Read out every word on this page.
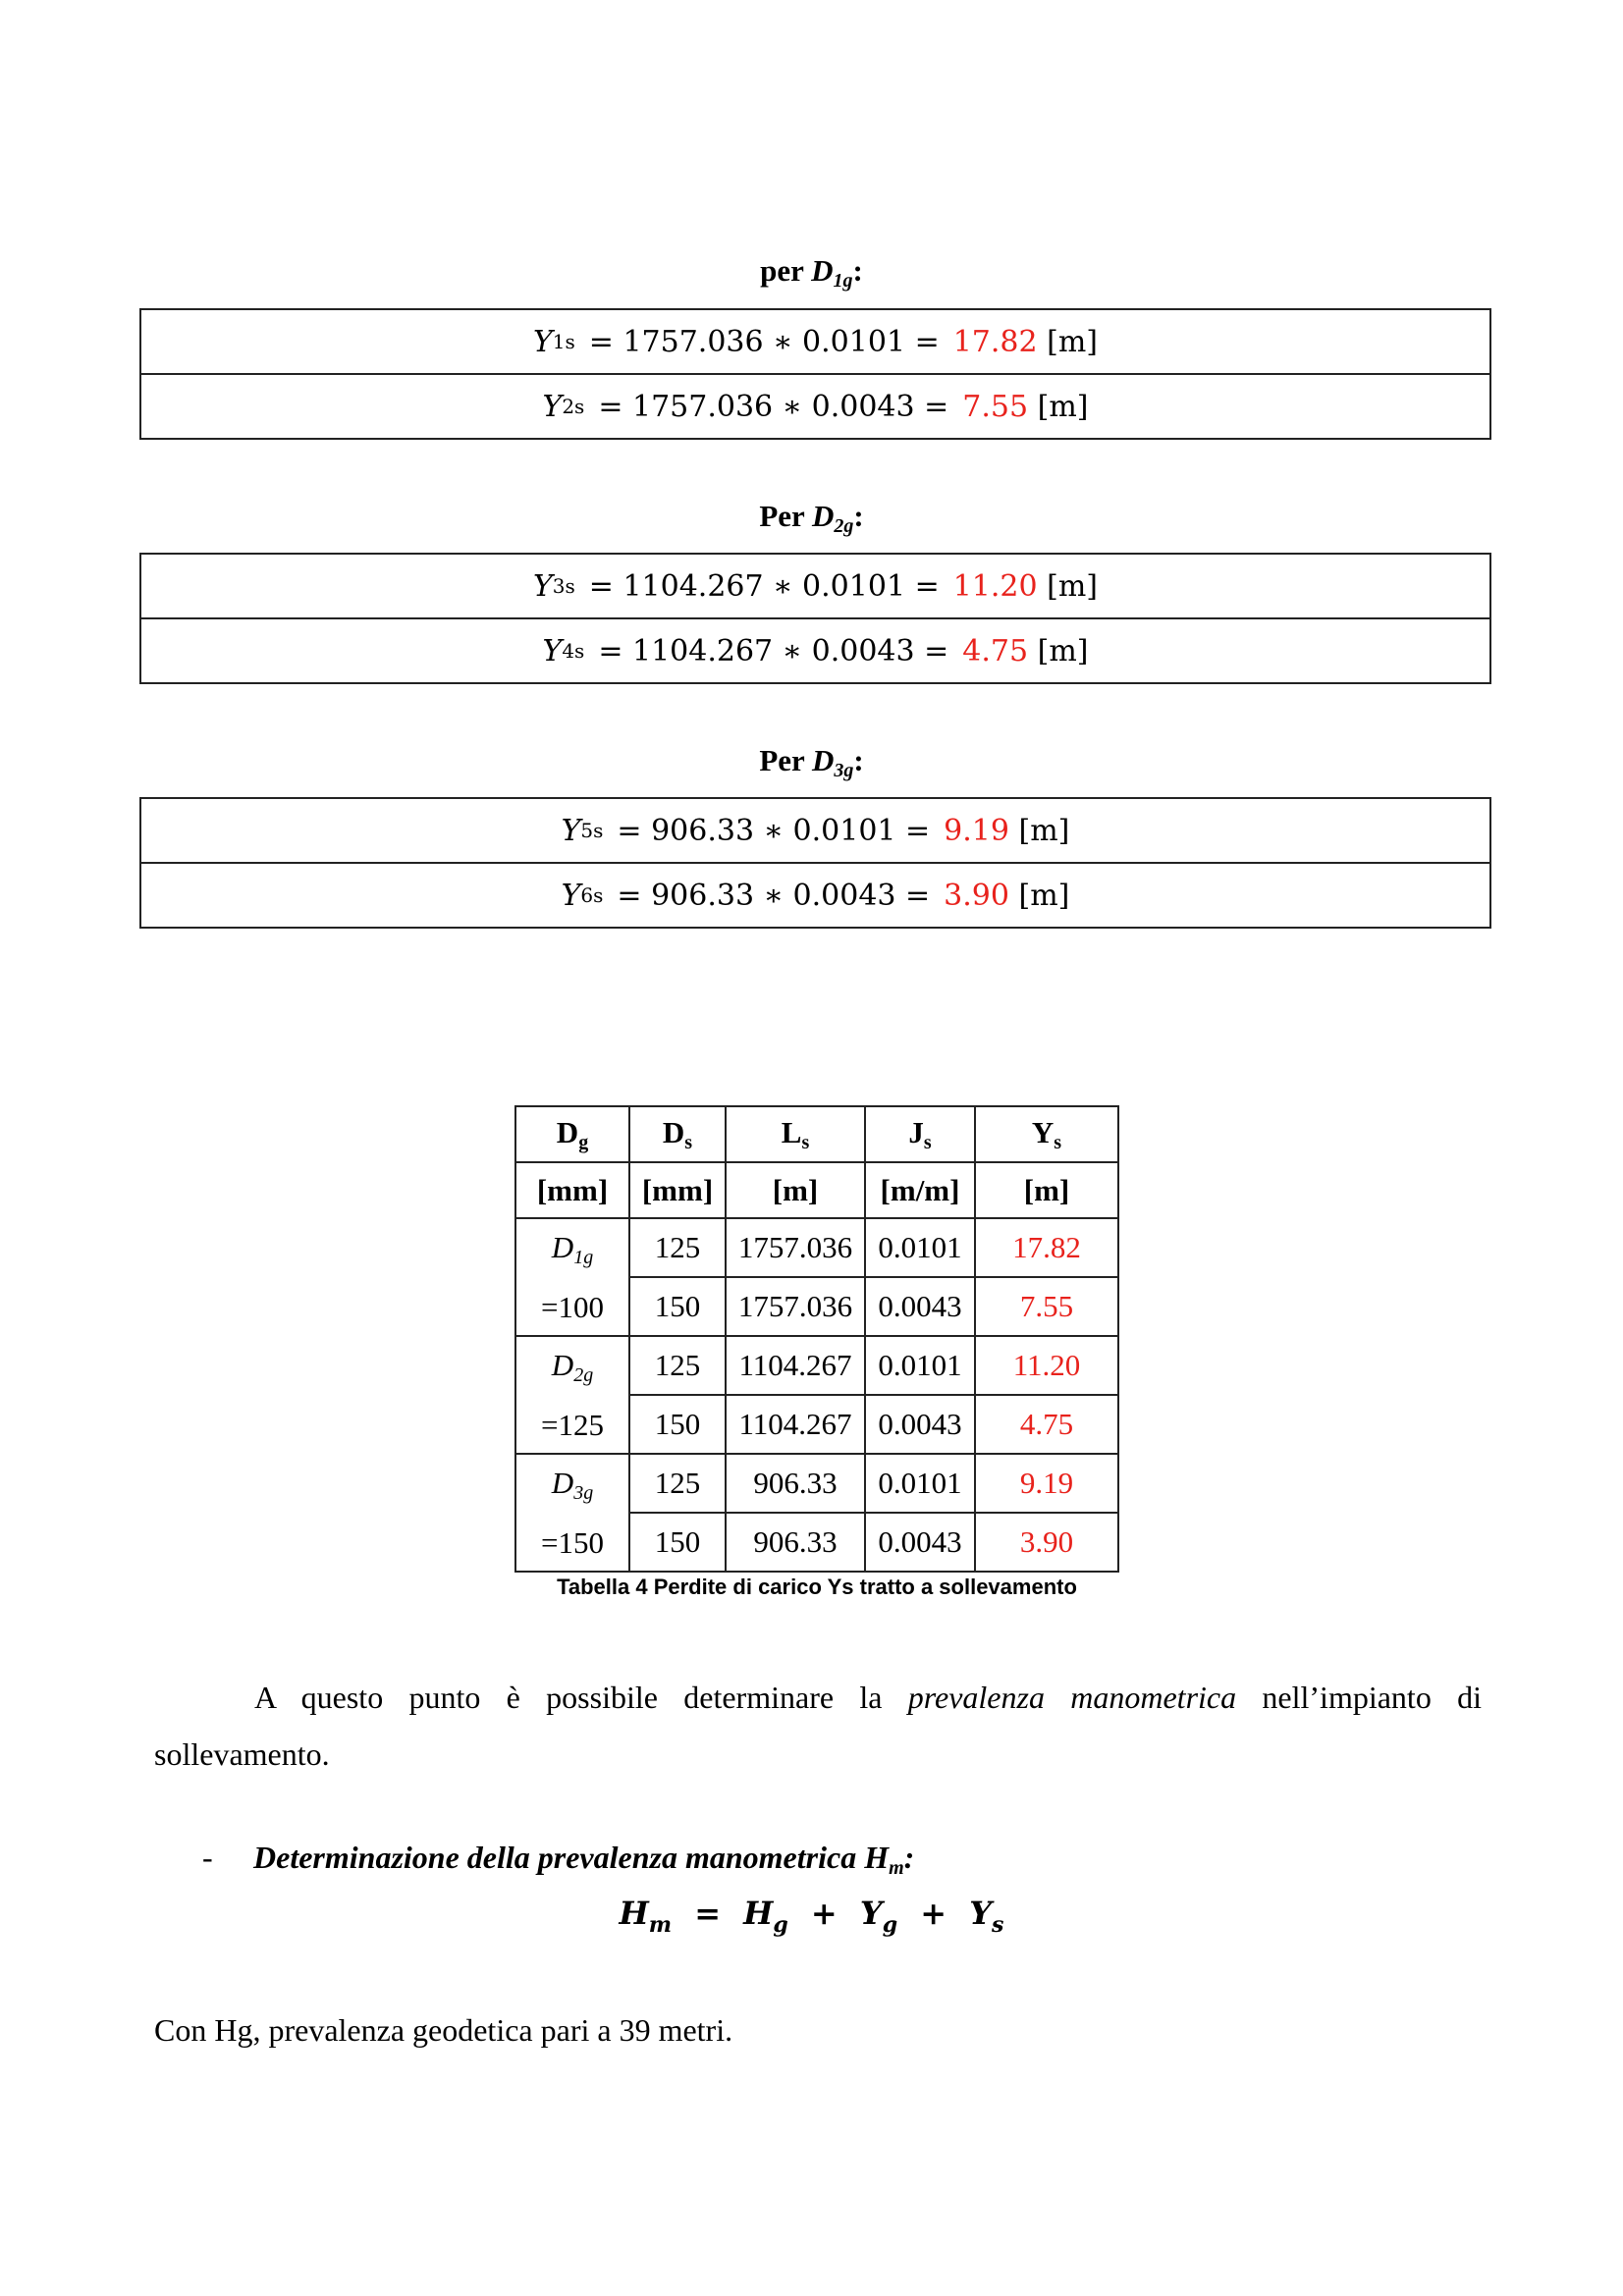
per $D_{1g}$:
Y 1s = 1757.036 ∗ 0.0101 = 17.82
[m]
Y 2s = 1757.036 ∗ 0.0043 = 7.55
[m]
Per $D_{2g}$:
Y 3s = 1104.267 ∗ 0.0101 = 11.20
[m]
Y 4s = 1104.267 ∗ 0.0043 = 4.75
[m]
Per $D_{3g}$:
Y 5s = 906.33 ∗ 0.0101 = 9.19
[m]
Y 6s = 906.33 ∗ 0.0043 = 3.90
[m]
$D_g$	$D_s$	$L_s$	$J_s$	$Y_s$
[mm]	[mm]	[m]	[m/m]	[m]

$D_{1g}$
=100	125	1757.036	0.0101	17.82
	150	1757.036	0.0043	7.55

$D_{2g}$
=125	125	1104.267	0.0101	11.20
	150	1104.267	0.0043	4.75

$D_{3g}$
=150	125	906.33	0.0101	9.19
	150	906.33	0.0043	3.90
Tabella 4 Perdite di carico Ys tratto a sollevamento
A questo punto è possibile determinare la prevalenza manometrica nell’impianto di sollevamento.
- Determinazione della prevalenza manometrica $H_m$:
$H_m = H_g + Y_g + Y_s$
Con Hg, prevalenza geodetica pari a 39 metri.
